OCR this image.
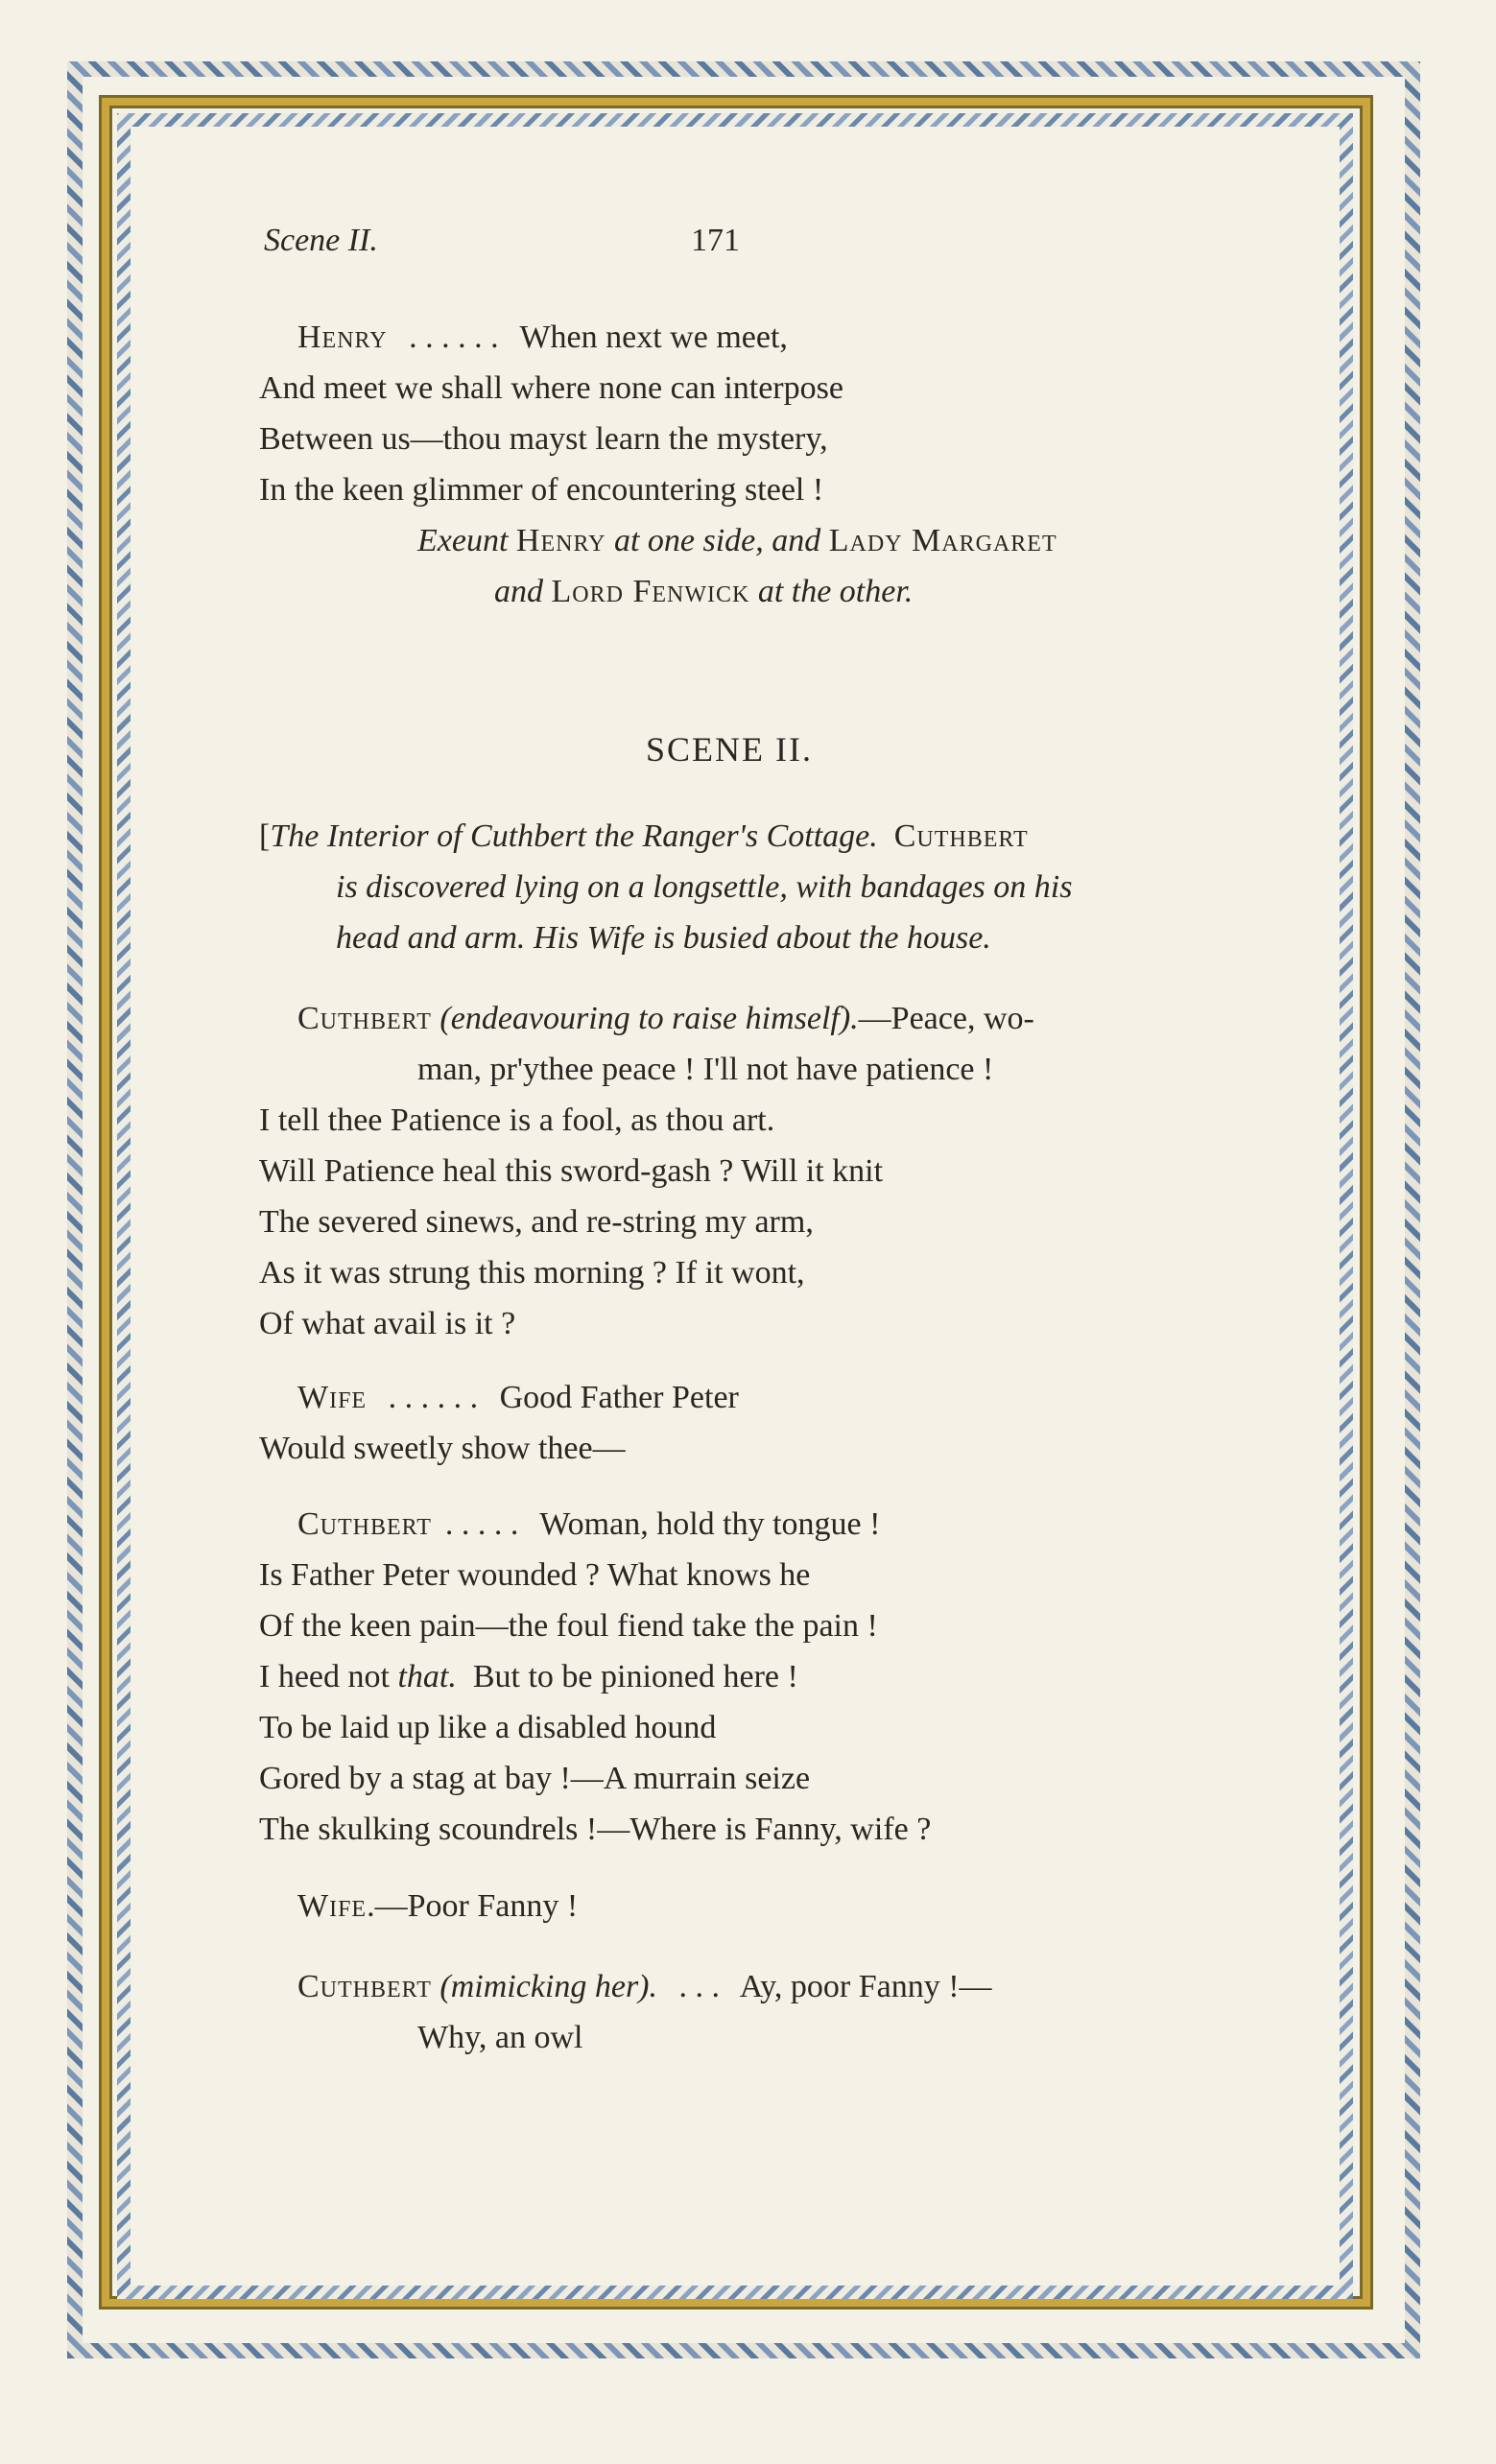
Scene II.	171
Henry . . . . . . When next we meet,
And meet we shall where none can interpose
Between us—thou mayst learn the mystery,
In the keen glimmer of encountering steel !
Exeunt Henry at one side, and Lady Margaret
and Lord Fenwick at the other.
SCENE II.
[The Interior of Cuthbert the Ranger's Cottage. Cuthbert
is discovered lying on a longsettle, with bandages on his
head and arm. His Wife is busied about the house.
Cuthbert (endeavouring to raise himself).—Peace, wo-
man, pr'ythee peace ! I'll not have patience !
I tell thee Patience is a fool, as thou art.
Will Patience heal this sword-gash ? Will it knit
The severed sinews, and re-string my arm,
As it was strung this morning ? If it wont,
Of what avail is it ?
Wife . . . . . . Good Father Peter
Would sweetly show thee—
Cuthbert . . . . . Woman, hold thy tongue !
Is Father Peter wounded ? What knows he
Of the keen pain—the foul fiend take the pain !
I heed not that. But to be pinioned here !
To be laid up like a disabled hound
Gored by a stag at bay !—A murrain seize
The skulking scoundrels !—Where is Fanny, wife ?
Wife.—Poor Fanny !
Cuthbert (mimicking her). . . . Ay, poor Fanny !—
Why, an owl
